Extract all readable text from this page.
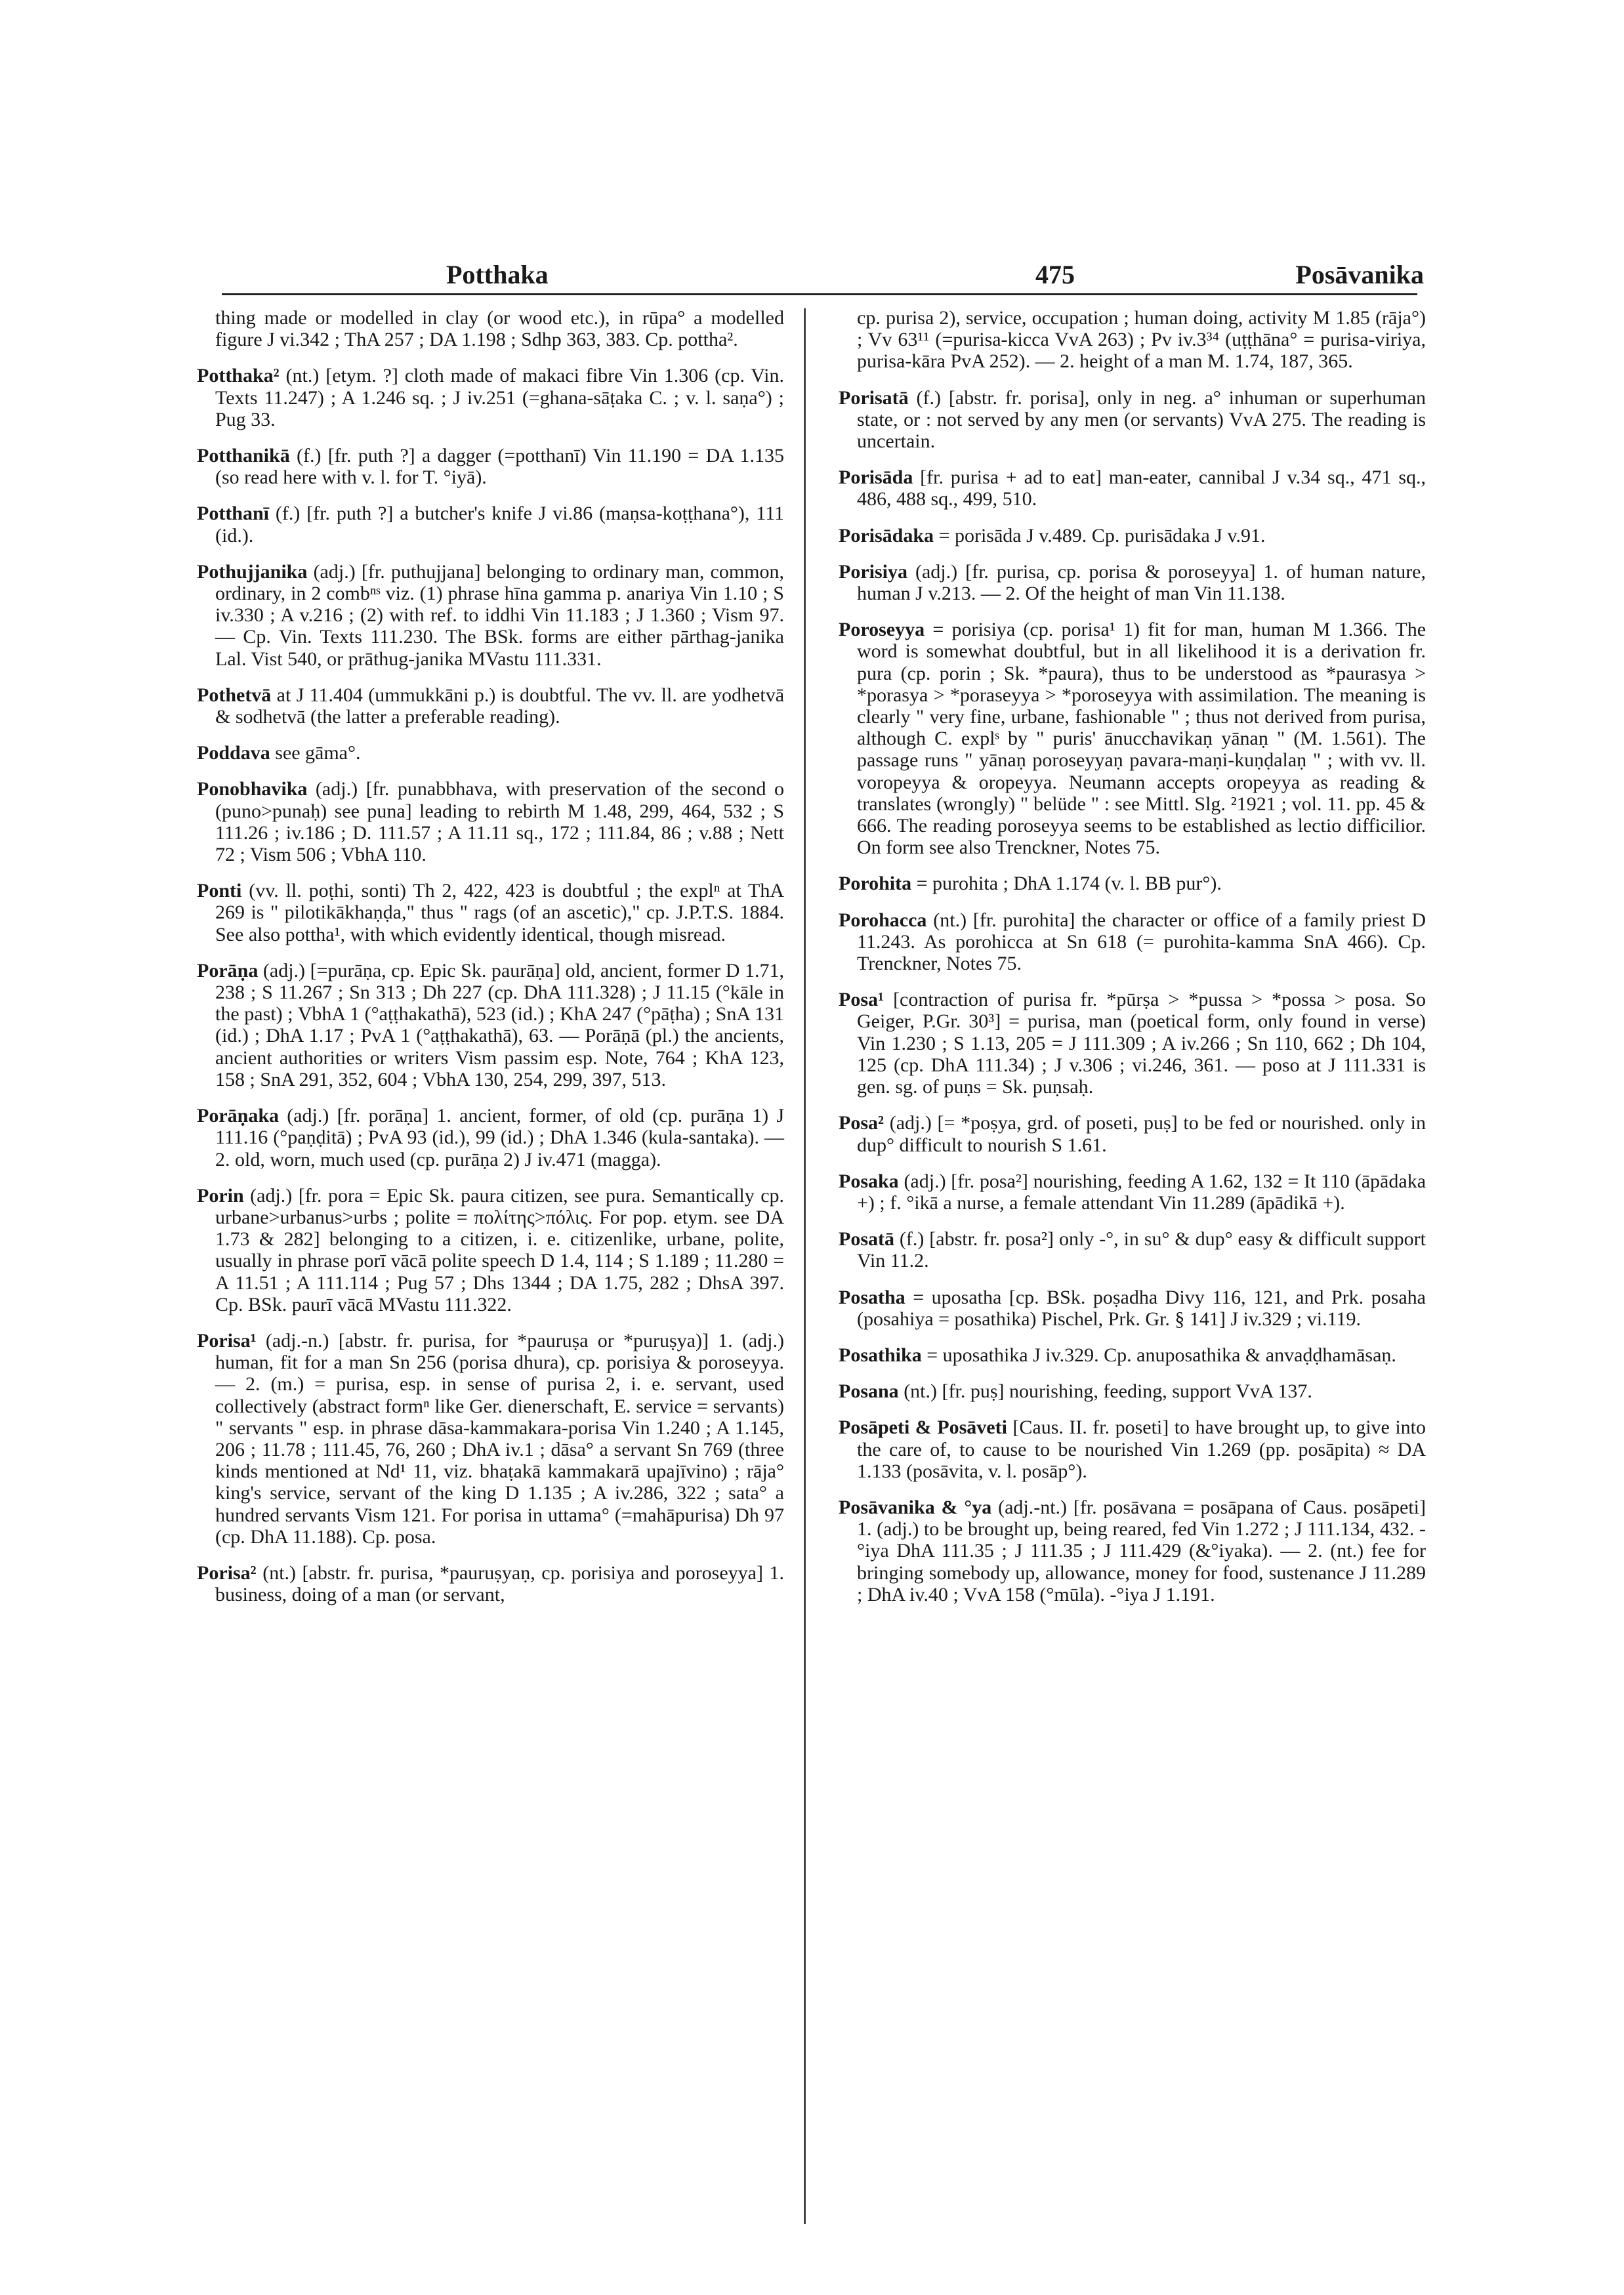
Potthaka	475	Posāvanika

thing made or modelled in clay (or wood etc.), in rūpa° a modelled figure J vi.342 ; ThA 257 ; DA 1.198 ; Sdhp 363, 383. Cp. pottha².

Potthaka² (nt.) [etym. ?] cloth made of makaci fibre Vin 1.306 (cp. Vin. Texts 11.247) ; A 1.246 sq. ; J iv.251 (=ghana-sāṭaka C. ; v. l. saṇa°) ; Pug 33.

Potthanikā (f.) [fr. puth ?] a dagger (=potthanī) Vin 11.190 = DA 1.135 (so read here with v. l. for T. °iyā).

Potthanī (f.) [fr. puth ?] a butcher's knife J vi.86 (maṇsa-koṭṭhana°), 111 (id.).

Pothujjanika (adj.) [fr. puthujjana] belonging to ordinary man, common, ordinary, in 2 combⁿˢ viz. (1) phrase hīna gamma p. anariya Vin 1.10 ; S iv.330 ; A v.216 ; (2) with ref. to iddhi Vin 11.183 ; J 1.360 ; Vism 97. — Cp. Vin. Texts 111.230. The BSk. forms are either pārthag-janika Lal. Vist 540, or prāthug-janika MVastu 111.331.

Pothetvā at J 11.404 (ummukkāni p.) is doubtful. The vv. ll. are yodhetvā & sodhetvā (the latter a preferable reading).

Poddava see gāma°.

Ponobhavika (adj.) [fr. punabbhava, with preservation of the second o (puno>punaḥ) see puna] leading to rebirth M 1.48, 299, 464, 532 ; S 111.26 ; iv.186 ; D. 111.57 ; A 11.11 sq., 172 ; 111.84, 86 ; v.88 ; Nett 72 ; Vism 506 ; VbhA 110.

Ponti (vv. ll. poṭhi, sonti) Th 2, 422, 423 is doubtful ; the explⁿ at ThA 269 is " pilotikākhaṇḍa," thus " rags (of an ascetic)," cp. J.P.T.S. 1884. See also pottha¹, with which evidently identical, though misread.

Porāṇa (adj.) [=purāṇa, cp. Epic Sk. paurāṇa] old, ancient, former D 1.71, 238 ; S 11.267 ; Sn 313 ; Dh 227 (cp. DhA 111.328) ; J 11.15 (°kāle in the past) ; VbhA 1 (°aṭṭhakathā), 523 (id.) ; KhA 247 (°pāṭha) ; SnA 131 (id.) ; DhA 1.17 ; PvA 1 (°aṭṭhakathā), 63. — Porāṇā (pl.) the ancients, ancient authorities or writers Vism passim esp. Note, 764 ; KhA 123, 158 ; SnA 291, 352, 604 ; VbhA 130, 254, 299, 397, 513.

Porāṇaka (adj.) [fr. porāṇa] 1. ancient, former, of old (cp. purāṇa 1) J 111.16 (°paṇḍitā) ; PvA 93 (id.), 99 (id.) ; DhA 1.346 (kula-santaka). — 2. old, worn, much used (cp. purāṇa 2) J iv.471 (magga).

Porin (adj.) [fr. pora = Epic Sk. paura citizen, see pura. Semantically cp. urbane>urbanus>urbs ; polite = πολίτης>πόλις. For pop. etym. see DA 1.73 & 282] belonging to a citizen, i. e. citizenlike, urbane, polite, usually in phrase porī vācā polite speech D 1.4, 114 ; S 1.189 ; 11.280 = A 11.51 ; A 111.114 ; Pug 57 ; Dhs 1344 ; DA 1.75, 282 ; DhsA 397. Cp. BSk. paurī vācā MVastu 111.322.

Porisa¹ (adj.-n.) [abstr. fr. purisa, for *pauruṣa or *puruṣya)] 1. (adj.) human, fit for a man Sn 256 (porisa dhura), cp. porisiya & poroseyya. — 2. (m.) = purisa, esp. in sense of purisa 2, i. e. servant, used collectively (abstract formⁿ like Ger. dienerschaft, E. service = servants) " servants " esp. in phrase dāsa-kammakara-porisa Vin 1.240 ; A 1.145, 206 ; 11.78 ; 111.45, 76, 260 ; DhA iv.1 ; dāsa° a servant Sn 769 (three kinds mentioned at Nd¹ 11, viz. bhaṭakā kammakarā upajīvino) ; rāja° king's service, servant of the king D 1.135 ; A iv.286, 322 ; sata° a hundred servants Vism 121. For porisa in uttama° (=mahāpurisa) Dh 97 (cp. DhA 11.188). Cp. posa.

Porisa² (nt.) [abstr. fr. purisa, *pauruṣyaṇ, cp. porisiya and poroseyya] 1. business, doing of a man (or servant,

cp. purisa 2), service, occupation ; human doing, activity M 1.85 (rāja°) ; Vv 63¹¹ (=purisa-kicca VvA 263) ; Pv iv.3³⁴ (uṭṭhāna° = purisa-viriya, purisa-kāra PvA 252). — 2. height of a man M. 1.74, 187, 365.

Porisatā (f.) [abstr. fr. porisa], only in neg. a° inhuman or superhuman state, or : not served by any men (or servants) VvA 275. The reading is uncertain.

Porisāda [fr. purisa + ad to eat] man-eater, cannibal J v.34 sq., 471 sq., 486, 488 sq., 499, 510.

Porisādaka = porisāda J v.489. Cp. purisādaka J v.91.

Porisiya (adj.) [fr. purisa, cp. porisa & poroseyya] 1. of human nature, human J v.213. — 2. Of the height of man Vin 11.138.

Poroseyya = porisiya (cp. porisa¹ 1) fit for man, human M 1.366. The word is somewhat doubtful, but in all likelihood it is a derivation fr. pura (cp. porin ; Sk. *paura), thus to be understood as *paurasya > *porasya > *poraseyya > *poroseyya with assimilation. The meaning is clearly " very fine, urbane, fashionable " ; thus not derived from purisa, although C. explˢ by " puris' ānucchavikaṇ yānaṇ " (M. 1.561). The passage runs " yānaṇ poroseyyaṇ pavara-maṇi-kuṇḍalaṇ " ; with vv. ll. voropeyya & oropeyya. Neumann accepts oropeyya as reading & translates (wrongly) " belüde " : see Mittl. Slg. ²1921 ; vol. 11. pp. 45 & 666. The reading poroseyya seems to be established as lectio difficilior. On form see also Trenckner, Notes 75.

Porohita = purohita ; DhA 1.174 (v. l. BB pur°).

Porohacca (nt.) [fr. purohita] the character or office of a family priest D 11.243. As porohicca at Sn 618 (= purohita-kamma SnA 466). Cp. Trenckner, Notes 75.

Posa¹ [contraction of purisa fr. *pūrṣa > *pussa > *possa > posa. So Geiger, P.Gr. 30³] = purisa, man (poetical form, only found in verse) Vin 1.230 ; S 1.13, 205 = J 111.309 ; A iv.266 ; Sn 110, 662 ; Dh 104, 125 (cp. DhA 111.34) ; J v.306 ; vi.246, 361. — poso at J 111.331 is gen. sg. of puṇs = Sk. puṇsaḥ.

Posa² (adj.) [= *poṣya, grd. of poseti, puṣ] to be fed or nourished. only in dup° difficult to nourish S 1.61.

Posaka (adj.) [fr. posa²] nourishing, feeding A 1.62, 132 = It 110 (āpādaka +) ; f. °ikā a nurse, a female attendant Vin 11.289 (āpādikā +).

Posatā (f.) [abstr. fr. posa²] only -°, in su° & dup° easy & difficult support Vin 11.2.

Posatha = uposatha [cp. BSk. poṣadha Divy 116, 121, and Prk. posaha (posahiya = posathika) Pischel, Prk. Gr. § 141] J iv.329 ; vi.119.

Posathika = uposathika J iv.329. Cp. anuposathika & anvaḍḍhamāsaṇ.

Posana (nt.) [fr. puṣ] nourishing, feeding, support VvA 137.

Posāpeti & Posāveti [Caus. II. fr. poseti] to have brought up, to give into the care of, to cause to be nourished Vin 1.269 (pp. posāpita) ≈ DA 1.133 (posāvita, v. l. posāp°).

Posāvanika & °ya (adj.-nt.) [fr. posāvana = posāpana of Caus. posāpeti] 1. (adj.) to be brought up, being reared, fed Vin 1.272 ; J 111.134, 432. -°iya DhA 111.35 ; J 111.35 ; J 111.429 (&°iyaka). — 2. (nt.) fee for bringing somebody up, allowance, money for food, sustenance J 11.289 ; DhA iv.40 ; VvA 158 (°mūla). -°iya J 1.191.
